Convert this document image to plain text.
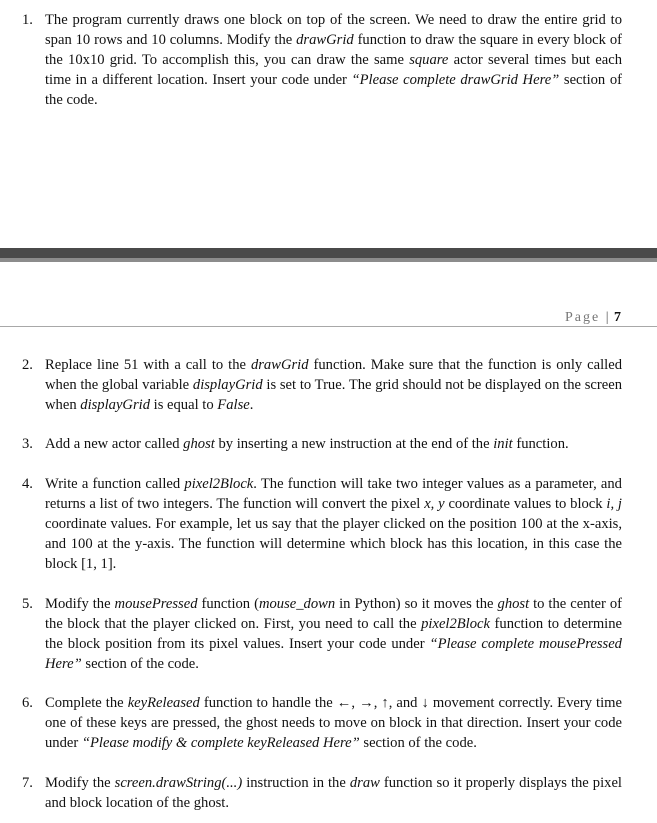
1. The program currently draws one block on top of the screen. We need to draw the entire grid to span 10 rows and 10 columns. Modify the drawGrid function to draw the square in every block of the 10x10 grid. To accomplish this, you can draw the same square actor several times but each time in a different location. Insert your code under “Please complete drawGrid Here” section of the code.
Page | 7
2. Replace line 51 with a call to the drawGrid function. Make sure that the function is only called when the global variable displayGrid is set to True. The grid should not be displayed on the screen when displayGrid is equal to False.
3. Add a new actor called ghost by inserting a new instruction at the end of the init function.
4. Write a function called pixel2Block. The function will take two integer values as a parameter, and returns a list of two integers. The function will convert the pixel x, y coordinate values to block i, j coordinate values. For example, let us say that the player clicked on the position 100 at the x-axis, and 100 at the y-axis. The function will determine which block has this location, in this case the block [1, 1].
5. Modify the mousePressed function (mouse_down in Python) so it moves the ghost to the center of the block that the player clicked on. First, you need to call the pixel2Block function to determine the block position from its pixel values. Insert your code under “Please complete mousePressed Here” section of the code.
6. Complete the keyReleased function to handle the ←, →, ↑, and ↓ movement correctly. Every time one of these keys are pressed, the ghost needs to move on block in that direction. Insert your code under “Please modify & complete keyReleased Here” section of the code.
7. Modify the screen.drawString(...) instruction in the draw function so it properly displays the pixel and block location of the ghost.
